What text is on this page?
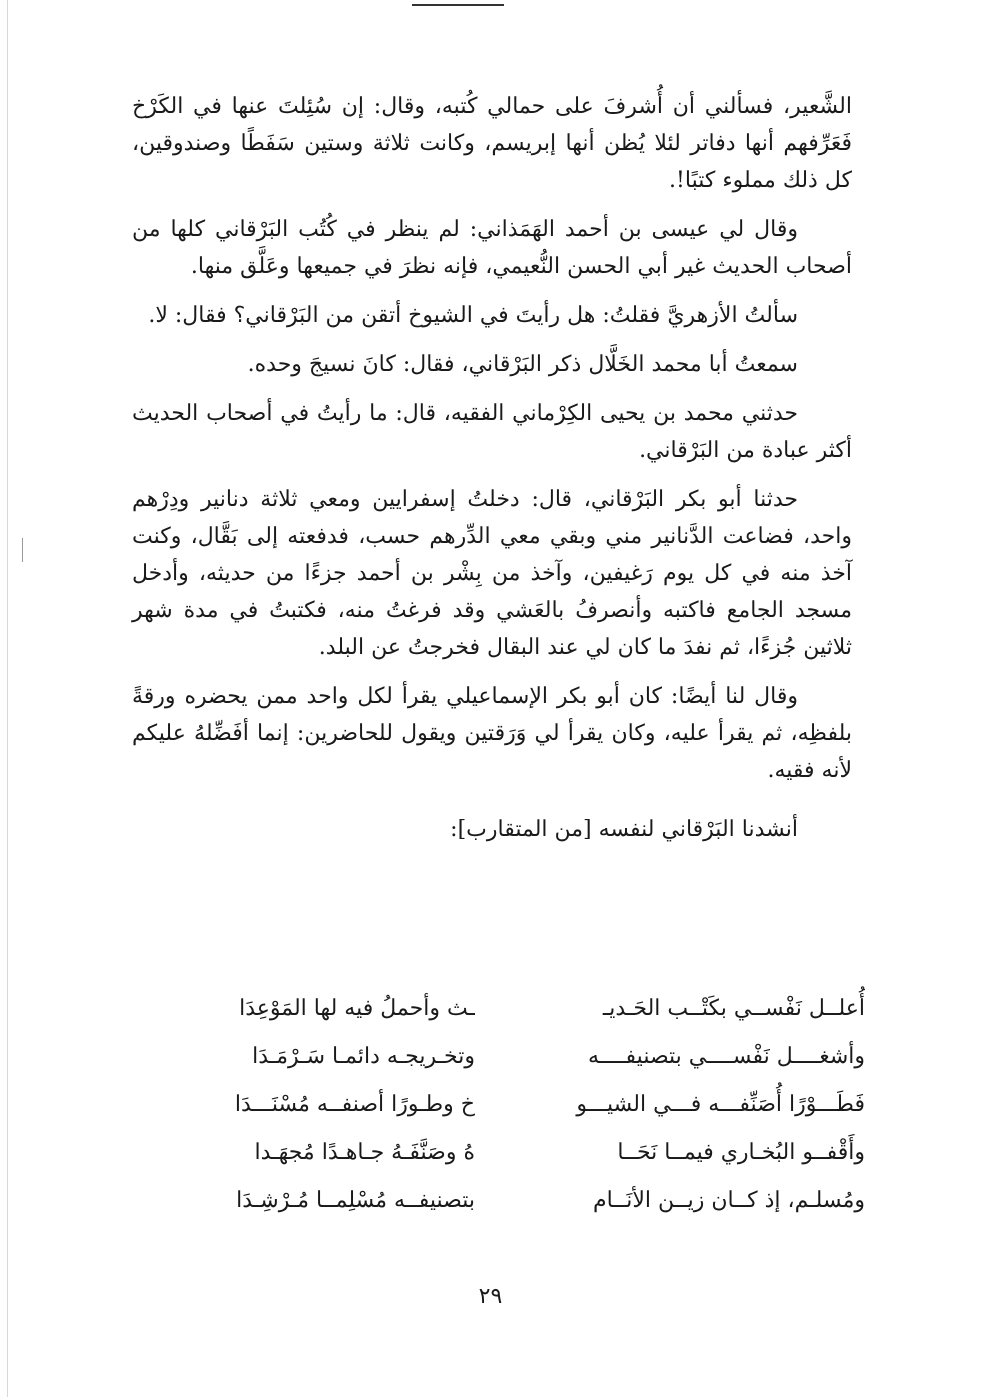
الشَّعير، فسألني أن أُشرفَ على حمالي كُتبه، وقال: إن سُئِلتَ عنها في الكَرْخ فَعَرِّفهم أنها دفاتر لئلا يُظن أنها إبريسم، وكانت ثلاثة وستين سَفَطًا وصندوقين، كل ذلك مملوء كتبًا!.

وقال لي عيسى بن أحمد الهَمَذاني: لم ينظر في كُتُب البَرْقاني كلها من أصحاب الحديث غير أبي الحسن النُّعيمي، فإنه نظرَ في جميعها وعَلَّق منها.

سألتُ الأزهريَّ فقلتُ: هل رأيتَ في الشيوخ أتقن من البَرْقاني؟ فقال: لا.

سمعتُ أبا محمد الخَلَّال ذكر البَرْقاني، فقال: كانَ نسيجَ وحده.

حدثني محمد بن يحيى الكِرْماني الفقيه، قال: ما رأيتُ في أصحاب الحديث أكثر عبادة من البَرْقاني.

حدثنا أبو بكر البَرْقاني، قال: دخلتُ إسفرايين ومعي ثلاثة دنانير ودِرْهم واحد، فضاعت الدَّنانير مني وبقي معي الدِّرهم حسب، فدفعته إلى بَقَّال، وكنت آخذ منه في كل يوم رَغيفين، وآخذ من بِشْر بن أحمد جزءًا من حديثه، وأدخل مسجد الجامع فاكتبه وأنصرفُ بالعَشي وقد فرغتُ منه، فكتبتُ في مدة شهر ثلاثين جُزءًا، ثم نفدَ ما كان لي عند البقال فخرجتُ عن البلد.

وقال لنا أيضًا: كان أبو بكر الإسماعيلي يقرأ لكل واحد ممن يحضره ورقةً بلفظِه، ثم يقرأ عليه، وكان يقرأ لي وَرَقتين ويقول للحاضرين: إنما أفَضِّلهُ عليكم لأنه فقيه.

أنشدنا البَرْقاني لنفسه [من المتقارب]:

أُعلــل نَفْســي بكَتْــب الحَـديـ
ـث وأحملُ فيه لها المَوْعِدَا
وأشغــــل نَفْســــي بتصنيفــــه
وتخـريجـه دائمـا سَـرْمَـدَا
فَطَـــوْرًا أُصَنِّفـــه فـــي الشيـــو
خ وطـورًا أصنفــه مُسْنَـــدَا
وأَقْفــو البُخـاري فيمــا نَحَــا
هُ وصَنَّفَـهُ جـاهـدًا مُجهَـدا
ومُسلـم، إذ كــان زيــن الأنَــام
بتصنيفــه مُسْلِمــا مُـرْشِـدَا
٢٩
